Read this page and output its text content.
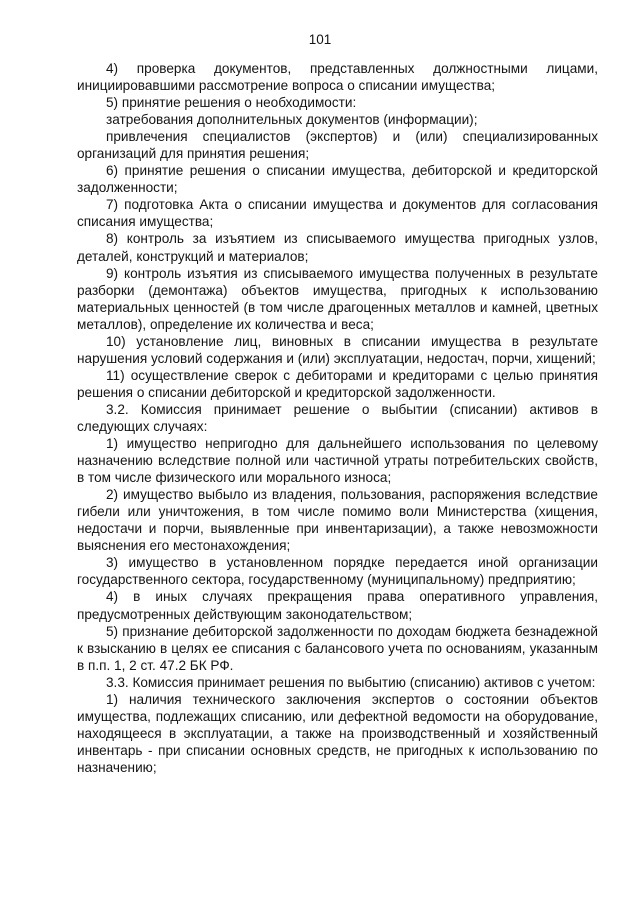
101

4) проверка документов, представленных должностными лицами, инициировавшими рассмотрение вопроса о списании имущества;

5) принятие решения о необходимости:

затребования дополнительных документов (информации);

привлечения специалистов (экспертов) и (или) специализированных организаций для принятия решения;

6) принятие решения о списании имущества, дебиторской и кредиторской задолженности;

7) подготовка Акта о списании имущества и документов для согласования списания имущества;

8) контроль за изъятием из списываемого имущества пригодных узлов, деталей, конструкций и материалов;

9) контроль изъятия из списываемого имущества полученных в результате разборки (демонтажа) объектов имущества, пригодных к использованию материальных ценностей (в том числе драгоценных металлов и камней, цветных металлов), определение их количества и веса;

10) установление лиц, виновных в списании имущества в результате нарушения условий содержания и (или) эксплуатации, недостач, порчи, хищений;

11) осуществление сверок с дебиторами и кредиторами с целью принятия решения о списании дебиторской и кредиторской задолженности.

3.2. Комиссия принимает решение о выбытии (списании) активов в следующих случаях:

1) имущество непригодно для дальнейшего использования по целевому назначению вследствие полной или частичной утраты потребительских свойств, в том числе физического или морального износа;

2) имущество выбыло из владения, пользования, распоряжения вследствие гибели или уничтожения, в том числе помимо воли Министерства (хищения, недостачи и порчи, выявленные при инвентаризации), а также невозможности выяснения его местонахождения;

3) имущество в установленном порядке передается иной организации государственного сектора, государственному (муниципальному) предприятию;

4) в иных случаях прекращения права оперативного управления, предусмотренных действующим законодательством;

5) признание дебиторской задолженности по доходам бюджета безнадежной к взысканию в целях ее списания с балансового учета по основаниям, указанным в п.п. 1, 2 ст. 47.2 БК РФ.

3.3. Комиссия принимает решения по выбытию (списанию) активов с учетом:

1) наличия технического заключения экспертов о состоянии объектов имущества, подлежащих списанию, или дефектной ведомости на оборудование, находящееся в эксплуатации, а также на производственный и хозяйственный инвентарь - при списании основных средств, не пригодных к использованию по назначению;
